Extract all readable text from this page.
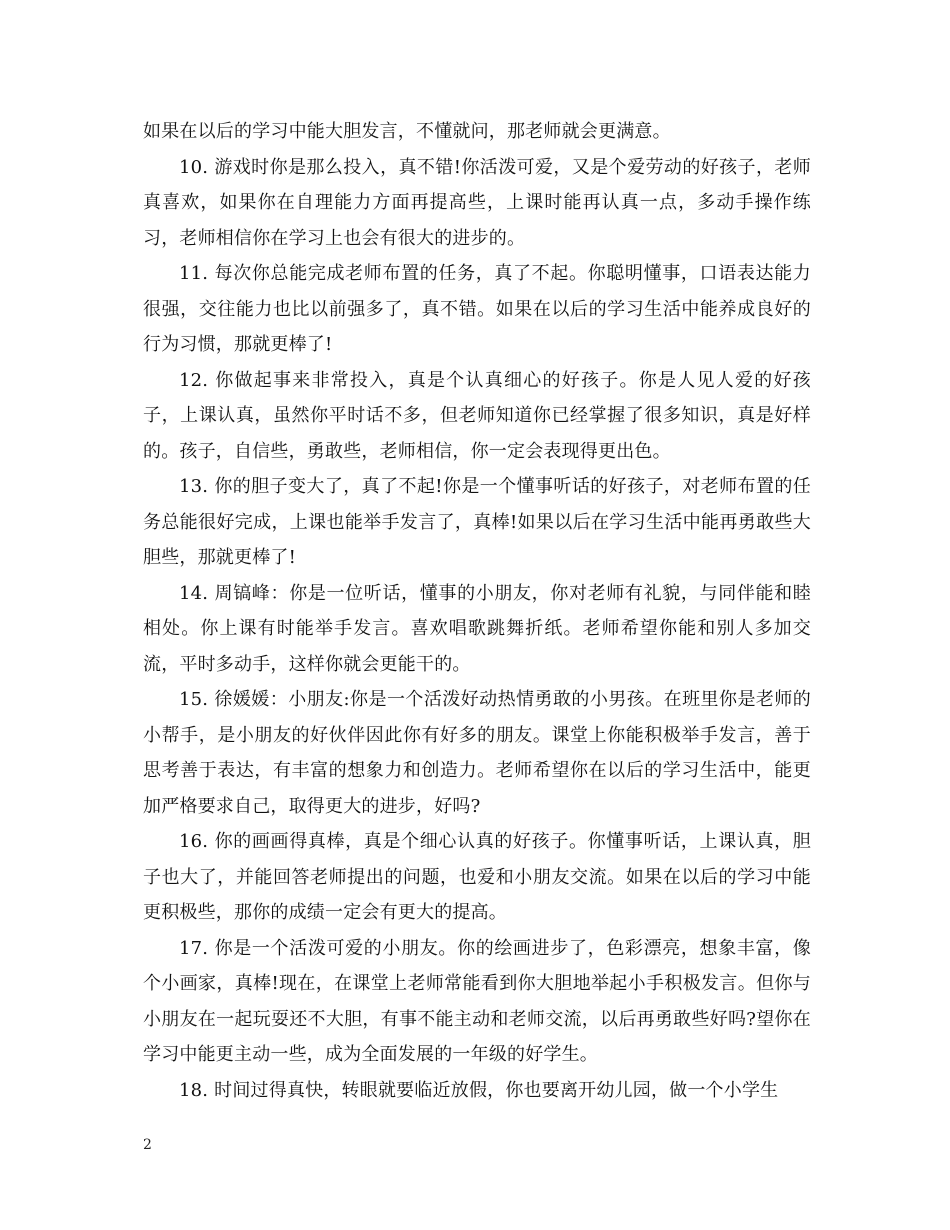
如果在以后的学习中能大胆发言，不懂就问，那老师就会更满意。

10. 游戏时你是那么投入，真不错!你活泼可爱，又是个爱劳动的好孩子，老师真喜欢，如果你在自理能力方面再提高些，上课时能再认真一点，多动手操作练习，老师相信你在学习上也会有很大的进步的。

11. 每次你总能完成老师布置的任务，真了不起。你聪明懂事，口语表达能力很强，交往能力也比以前强多了，真不错。如果在以后的学习生活中能养成良好的行为习惯，那就更棒了!

12. 你做起事来非常投入，真是个认真细心的好孩子。你是人见人爱的好孩子，上课认真，虽然你平时话不多，但老师知道你已经掌握了很多知识，真是好样的。孩子，自信些，勇敢些，老师相信，你一定会表现得更出色。

13. 你的胆子变大了，真了不起!你是一个懂事听话的好孩子，对老师布置的任务总能很好完成，上课也能举手发言了，真棒!如果以后在学习生活中能再勇敢些大胆些，那就更棒了!

14. 周镐峰：你是一位听话，懂事的小朋友，你对老师有礼貌，与同伴能和睦相处。你上课有时能举手发言。喜欢唱歌跳舞折纸。老师希望你能和别人多加交流，平时多动手，这样你就会更能干的。

15. 徐媛媛：小朋友:你是一个活泼好动热情勇敢的小男孩。在班里你是老师的小帮手，是小朋友的好伙伴因此你有好多的朋友。课堂上你能积极举手发言，善于思考善于表达，有丰富的想象力和创造力。老师希望你在以后的学习生活中，能更加严格要求自己，取得更大的进步，好吗?

16. 你的画画得真棒，真是个细心认真的好孩子。你懂事听话，上课认真，胆子也大了，并能回答老师提出的问题，也爱和小朋友交流。如果在以后的学习中能更积极些，那你的成绩一定会有更大的提高。

17. 你是一个活泼可爱的小朋友。你的绘画进步了，色彩漂亮，想象丰富，像个小画家，真棒!现在，在课堂上老师常能看到你大胆地举起小手积极发言。但你与小朋友在一起玩耍还不大胆，有事不能主动和老师交流，以后再勇敢些好吗?望你在学习中能更主动一些，成为全面发展的一年级的好学生。

18. 时间过得真快，转眼就要临近放假，你也要离开幼儿园，做一个小学生

2
